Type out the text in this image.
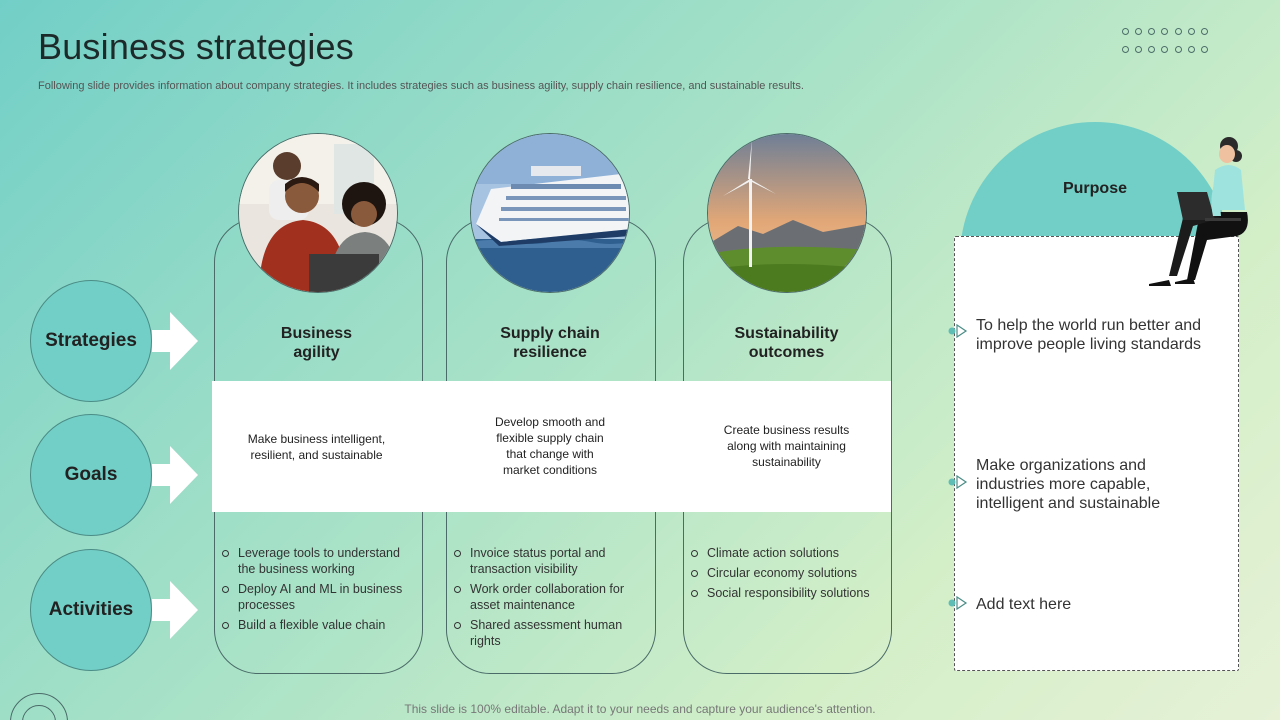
Business strategies
Following slide provides information about company strategies. It includes strategies such as business agility, supply chain resilience, and sustainable results.
Strategies
Goals
Activities
Business
agility
Supply chain
resilience
Sustainability
outcomes
Make business intelligent,
resilient, and sustainable
Develop smooth and
flexible supply chain
that change with
market conditions
Create business results
along with maintaining
sustainability
Leverage tools to understand the business working
Deploy AI and ML in business processes
Build a flexible value chain
Invoice status portal and transaction visibility
Work order collaboration for asset maintenance
Shared assessment human rights
Climate action solutions
Circular economy solutions
Social responsibility solutions
Purpose
To help the world run better and improve people living standards
Make organizations and industries more capable, intelligent and sustainable
Add text here
This slide is 100% editable. Adapt it to your needs and capture your audience's attention.
